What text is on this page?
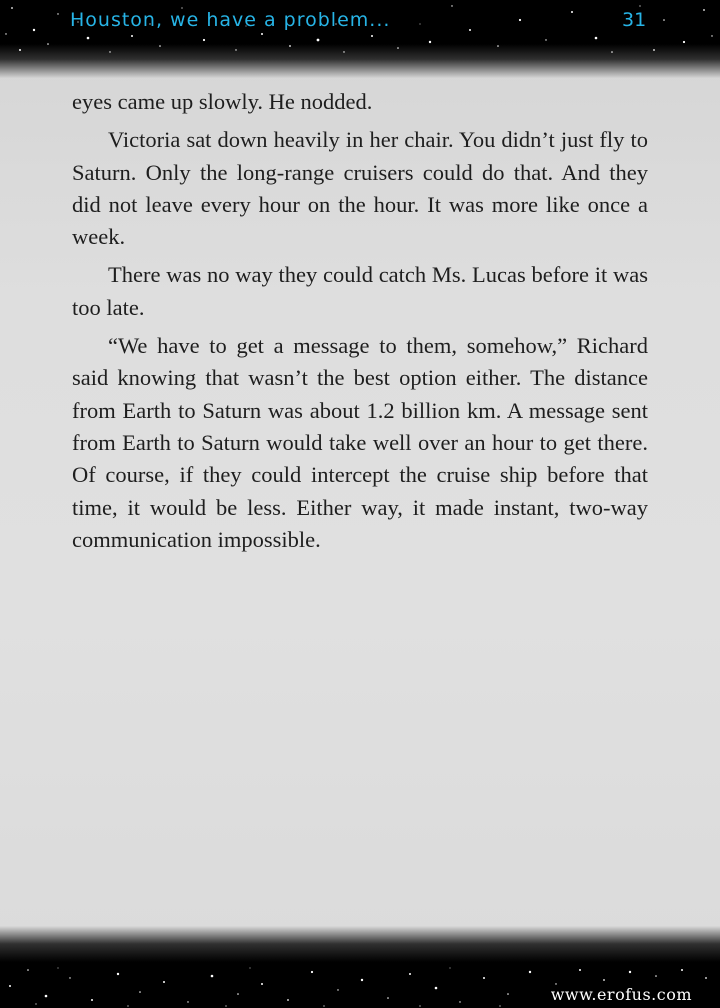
Houston, we have a problem...	31

eyes came up slowly. He nodded.

Victoria sat down heavily in her chair. You didn’t just fly to Saturn. Only the long-range cruisers could do that. And they did not leave every hour on the hour. It was more like once a week.

There was no way they could catch Ms. Lucas before it was too late.

“We have to get a message to them, somehow,” Richard said knowing that wasn’t the best option either. The distance from Earth to Saturn was about 1.2 billion km. A message sent from Earth to Saturn would take well over an hour to get there. Of course, if they could intercept the cruise ship before that time, it would be less. Either way, it made instant, two-way communication impossible.

www.erofus.com
